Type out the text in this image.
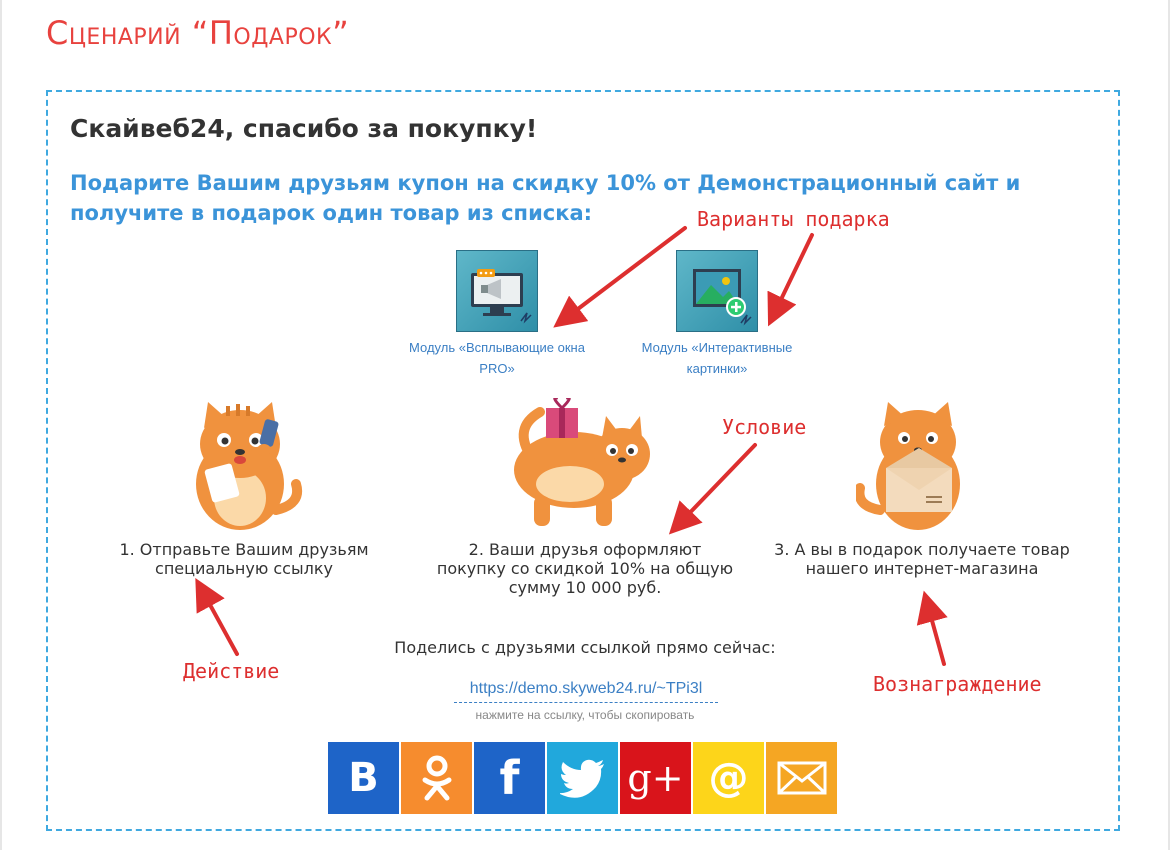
Сценарий “Подарок”
Скайвеб24, спасибо за покупку!

Подарите Вашим друзьям купон на скидку 10% от Демонстрационный сайт и получите в подарок один товар из списка:

Модуль «Всплывающие окна PRO»
Модуль «Интерактивные картинки»
1. Отправьте Вашим друзьям специальную ссылку
2. Ваши друзья оформляют покупку со скидкой 10% на общую сумму 10 000 руб.
3. А вы в подарок получаете товар нашего интернет-магазина
Поделись с друзьями ссылкой прямо сейчас:
https://demo.skyweb24.ru/~TPi3l
нажмите на ссылку, чтобы скопировать
В	f	g+ @
Варианты подарка
Условие
Действие
Вознаграждение
